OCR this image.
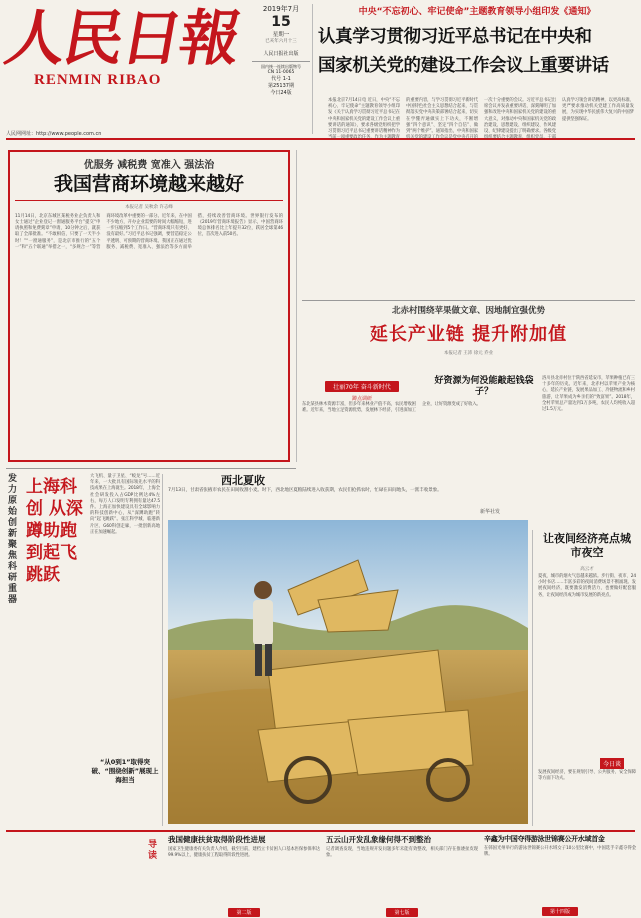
人民日報
RENMIN RIBAO
人民网网址：http://www.people.com.cn
2019年7月
15
星期一
已亥年六月十三
人民日报社出版
国内统一连续出版物号
CN 11-0065
代号 1-1
第25137期
今日24版
中央“不忘初心、牢记使命”主题教育领导小组印发《通知》
认真学习贯彻习近平总书记在中央和
国家机关党的建设工作会议上重要讲话
本报北京7月14日电 近日，中央“不忘初心、牢记使命”主题教育领导小组印发《关于认真学习贯彻习近平总书记在中央和国家机关党的建设工作会议上重要讲话的通知》，要求各级党组织把学习贯彻习近平总书记重要讲话精神作为当前一项重要政治任务，作为主题教育的重要内容，与学习贯彻习近平新时代中国特色社会主义思想结合起来，与贯彻落实党中央决策部署结合起来，切实在学懂弄通做实上下功夫，不断增强“四个意识”、坚定“四个自信”、做到“两个维护”。通知指出，中央和国家机关党的建设工作会议是党中央召开的一次十分重要的会议。习近平总书记出席会议并发表重要讲话，深刻阐明了加强和改进中央和国家机关党的建设的重大意义，对推动中央和国家机关党的政治建设、思想建设、组织建设、作风建设、纪律建设提出了明确要求。各级党组织要结合主题教育，组织党员、干部认真学习领会讲话精神，以更高标准、更严要求推动机关党建工作高质量发展，为实现中华民族伟大复兴的中国梦提供坚强保证。
优服务 减税费 宽准入 强法治
我国营商环境越来越好
本报记者 吴秋余 许志峰
11月14日，北京东城区某税务业企负责人和女士通过“企业登记一窗通服务平台”提交“申请执照和免费刻章”申请，10分钟之后，就获取了全部批准。“不敢相信，只要了一天半小时！”“一窗通服务”，是北京市推行的“五个一”和“五个联通”举措之一，“多规合一”等营商环境改革中重要的一部分。近年来，在中国不少地方，开办企业需要的时间大幅缩短，进一步压缩到5个工作日。“营商环境只有更好、没有最好。”习近平总书记强调，要营造稳定公平透明、可预期的营商环境。我国正在通过优服务、减税费、宽准入、强法治等多方面举措，持续改善营商环境。世界银行发布的《2019年营商环境报告》显示，中国营商环境总体排名比上年提升32位，跃居全球第46位，首次进入前50名。
北赤村围绕苹果做文章、因地制宜强优势
延长产业链 提升附加值
本报记者 王沛 徐元 乔业
壮丽70年 奋斗新时代
蹲点调研
好资源为何没能敲起钱袋子？
东北某县林木资源丰富，但多年来林业产值不高，农民增收困难。近年来，当地立足资源优势，发展林下经济，引进深加工企业，让好资源变成了好收入。
洛川县北赤村位于陕西省延安市，苹果种植已有三十多年的历史。近年来，北赤村以苹果产业为核心，延长产业链，发展果品加工、冷链物流和乡村旅游，让苹果成为乡亲们的“致富果”。2018年，全村苹果总产量达到1万多吨，农民人均纯收入超过1.5万元。
发力原始创新 聚焦科研重器
上海科创 从深蹲助跑到起飞跳跃
大飞机、量子卫星、“蛟龙”号……近年来，一大批具有国际领先水平的科技成果在上海诞生。2018年，上海全社会研发投入占GDP比例达4%左右，每万人口发明专利拥有量达47.5件。上海正加快建设具有全球影响力的科技创新中心，从“深蹲助跑”转向“起飞跳跃”。张江科学城、临港新片区、G60科创走廊，一批创新高地正在加速崛起。
“从0到1”取得突破、“围绕创新”展现上海担当
西北夏收
7月13日，甘肃省张掖市农民在田间收割小麦。时下，西北地区夏粮陆续进入收获期，农民们抢抓农时，忙碌在田间地头，一派丰收景象。
新华社发
让夜间经济亮点城市夜空
高云才
夏夜，城市的烟火气息越来越浓。步行街、夜市、24小时书店……丰富多彩的夜间消费场景不断涌现。发展夜间经济，既要激发消费活力，也要做好配套服务，让夜间经济成为城市发展的新亮点。
今日谈
发展夜间经济，要在规划引导、公共服务、安全保障等方面下功夫。
导读
我国健康扶贫取得阶段性进展
国家卫生健康委有关负责人介绍，截至目前，建档立卡贫困人口基本医保参保率达99.9%以上，健康扶贫工程取得阶段性进展。
第二版
五云山开发乱象缘何得不到整治
记者调查发现，当地违规开发问题多年未能有效整改，相关部门存在推诿扯皮现象。
第七版
辛鑫为中国夺得游泳世锦赛公开水域首金
在韩国光州举行的游泳世锦赛公开水域女子10公里比赛中，中国选手辛鑫夺得金牌。
第十四版
